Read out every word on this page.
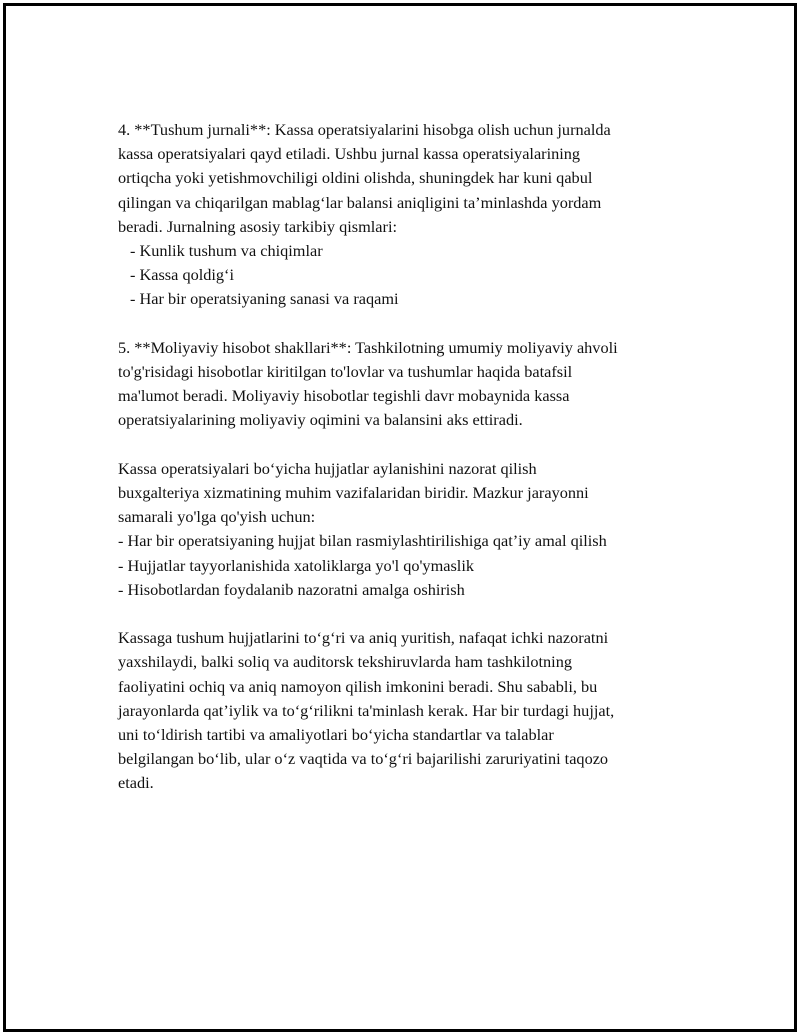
4. **Tushum jurnali**: Kassa operatsiyalarini hisobga olish uchun jurnalda
kassa operatsiyalari qayd etiladi. Ushbu jurnal kassa operatsiyalarining
ortiqcha yoki yetishmovchiligi oldini olishda, shuningdek har kuni qabul
qilingan va chiqarilgan mablag‘lar balansi aniqligini ta’minlashda yordam
beradi. Jurnalning asosiy tarkibiy qismlari:
- Kunlik tushum va chiqimlar
- Kassa qoldig‘i
- Har bir operatsiyaning sanasi va raqami
5. **Moliyaviy hisobot shakllari**: Tashkilotning umumiy moliyaviy ahvoli
to'g'risidagi hisobotlar kiritilgan to'lovlar va tushumlar haqida batafsil
ma'lumot beradi. Moliyaviy hisobotlar tegishli davr mobaynida kassa
operatsiyalarining moliyaviy oqimini va balansini aks ettiradi.
Kassa operatsiyalari bo‘yicha hujjatlar aylanishini nazorat qilish
buxgalteriya xizmatining muhim vazifalaridan biridir. Mazkur jarayonni
samarali yo'lga qo'yish uchun:
- Har bir operatsiyaning hujjat bilan rasmiylashtirilishiga qat’iy amal qilish
- Hujjatlar tayyorlanishida xatoliklarga yo'l qo'ymaslik
- Hisobotlardan foydalanib nazoratni amalga oshirish
Kassaga tushum hujjatlarini to‘g‘ri va aniq yuritish, nafaqat ichki nazoratni
yaxshilaydi, balki soliq va auditorsk tekshiruvlarda ham tashkilotning
faoliyatini ochiq va aniq namoyon qilish imkonini beradi. Shu sababli, bu
jarayonlarda qat’iylik va to‘g‘rilikni ta'minlash kerak. Har bir turdagi hujjat,
uni to‘ldirish tartibi va amaliyotlari bo‘yicha standartlar va talablar
belgilangan bo‘lib, ular o‘z vaqtida va to‘g‘ri bajarilishi zaruriyatini taqozo
etadi.
